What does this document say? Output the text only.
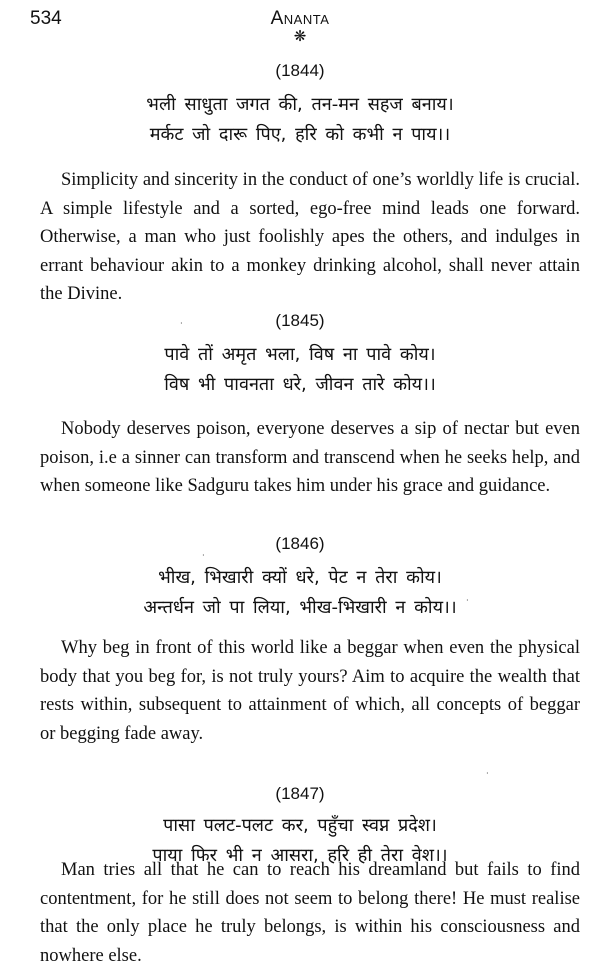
534	Ananta
❋
(1844)
भली साधुता जगत की, तन-मन सहज बनाय।
मर्कट जो दारू पिए, हरि को कभी न पाय।।

Simplicity and sincerity in the conduct of one’s worldly life is crucial. A simple lifestyle and a sorted, ego-free mind leads one forward. Otherwise, a man who just foolishly apes the others, and indulges in errant behaviour akin to a monkey drinking alcohol, shall never attain the Divine.

(1845)
पावे तों अमृत भला, विष ना पावे कोय।
विष भी पावनता धरे, जीवन तारे कोय।।

Nobody deserves poison, everyone deserves a sip of nectar but even poison, i.e a sinner can transform and transcend when he seeks help, and when someone like Sadguru takes him under his grace and guidance.

(1846)
भीख, भिखारी क्यों धरे, पेट न तेरा कोय।
अन्तर्धन जो पा लिया, भीख-भिखारी न कोय।।

Why beg in front of this world like a beggar when even the physical body that you beg for, is not truly yours? Aim to acquire the wealth that rests within, subsequent to attainment of which, all concepts of beggar or begging fade away.

(1847)
पासा पलट-पलट कर, पहुँचा स्वप्न प्रदेश।
पाया फिर भी न आसरा, हरि ही तेरा वेश।।

Man tries all that he can to reach his dreamland but fails to find contentment, for he still does not seem to belong there! He must realise that the only place he truly belongs, is within his consciousness and nowhere else.

·
·
·
·
